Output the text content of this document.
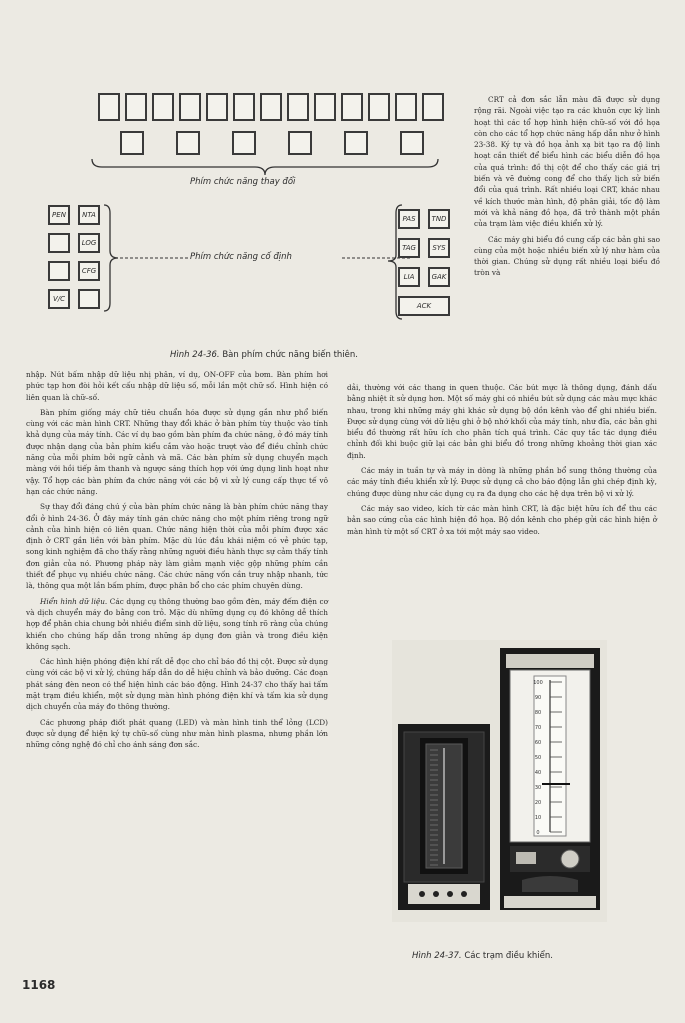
Phím chức năng thay đổi
PEN	NTA
LOG
CFG
V/C
Phím chức năng cố định
PAS	TND
TAG	SYS
LIA	GAK
ACK
Hình 24-36. Bàn phím chức năng biến thiên.

CRT cả đơn sắc lẫn màu đã được sử dụng rộng rãi. Ngoài việc tạo ra các khuôn cực kỳ linh hoạt thì các tổ hợp hình hiện chữ–số với đồ họa còn cho các tổ hợp chức năng hấp dẫn như ở hình 23-38. Ký tự và đồ họa ảnh xạ bit tạo ra độ linh hoạt cần thiết để biểu hình các biểu diễn đồ họa của quá trình: đồ thị cột để cho thấy các giá trị biến và vẽ đường cong để cho thấy lịch sử biến đổi của quá trình. Rất nhiều loại CRT, khác nhau về kích thước màn hình, độ phân giải, tốc độ làm mới và khả năng đồ họa, đã trở thành một phần của trạm làm việc điều khiển xử lý.

Các máy ghi biểu đồ cung cấp các bản ghi sao cùng của một hoặc nhiều biến xử lý như hàm của thời gian. Chúng sử dụng rất nhiều loại biểu đồ tròn và

nhập. Nút bấm nhập dữ liệu nhị phân, ví dụ, ON-OFF của bơm. Bàn phím hơi phức tạp hơn đòi hỏi kết cấu nhập dữ liệu số, mỗi lần một chữ số. Hình hiện có liên quan là chữ–số.

Bàn phím giống máy chữ tiêu chuẩn hóa được sử dụng gắn như phổ biến cùng với các màn hình CRT. Những thay đổi khác ở bàn phím tùy thuộc vào tính khả dụng của máy tính. Các ví dụ bao gồm bàn phím đa chức năng, ở đó máy tính được nhận dạng của bản phím kiểu cắm vào hoặc trượt vào để điều chỉnh chức năng của mỗi phím bởi ngữ cảnh và mã. Các bàn phím sử dụng chuyển mạch màng với hồi tiếp âm thanh và ngược sáng thích hợp với ứng dụng linh hoạt như vậy. Tổ hợp các bàn phím đa chức năng với các bộ vi xử lý cung cấp thực tế vô hạn các chức năng.

Sự thay đổi đáng chú ý của bàn phím chức năng là bàn phím chức năng thay đổi ở hình 24-36. Ở đây máy tính gán chức năng cho một phím riêng trong ngữ cảnh của hình hiện có liên quan. Chức năng hiện thời của mỗi phím được xác định ở CRT gần liền với bàn phím. Mặc dù lúc đầu khái niệm có vẻ phức tạp, song kinh nghiệm đã cho thấy rằng những người điều hành thực sự cảm thấy tính đơn giản của nó. Phương pháp này làm giảm mạnh việc gộp những phím cần thiết để phục vụ nhiều chức năng. Các chức năng vốn cần truy nhập nhanh, tức là, thông qua một lần bấm phím, được phân bổ cho các phím chuyên dùng.

Hiển hình dữ liệu. Các dụng cụ thông thường bao gồm đèn, máy đếm điện cơ và dịch chuyển máy đo bằng con trỏ. Mặc dù những dụng cụ đó không dễ thích hợp để phân chia chung bởi nhiều điểm sinh dữ liệu, song tính rõ ràng của chúng khiến cho chúng hấp dẫn trong những áp dụng đơn giản và trong điều kiện không sạch.

Các hình hiện phóng điện khí rất dễ đọc cho chỉ báo đồ thị cột. Được sử dụng cùng với các bộ vi xử lý, chúng hấp dẫn do dễ hiệu chỉnh và bảo dưỡng. Các đoạn phát sáng đèn neon có thể hiện hình các báo động. Hình 24-37 cho thấy hai tấm mặt trạm điều khiển, một sử dụng màn hình phóng điện khí và tấm kia sử dụng dịch chuyển của máy đo thông thường.

Các phương pháp điốt phát quang (LED) và màn hình tinh thể lỏng (LCD) được sử dụng để hiện ký tự chữ–số cùng như màn hình plasma, nhưng phần lớn những công nghệ đó chỉ cho ánh sáng đơn sắc.

dải, thường với các thang in quen thuộc. Các bút mực là thông dụng, đánh dấu bằng nhiệt ít sử dụng hơn. Một số máy ghi có nhiều bút sử dụng các màu mực khác nhau, trong khi những máy ghi khác sử dụng bộ dồn kênh vào để ghi nhiều biến. Được sử dụng cùng với dữ liệu ghi ở bộ nhớ khối của máy tính, như đĩa, các bản ghi biểu đồ thường rất hữu ích cho phân tích quá trình. Các quy tắc tác dụng điều chỉnh đối khi buộc giữ lại các bản ghi biểu đồ trong những khoảng thời gian xác định.

Các máy in tuần tự và máy in dòng là những phần bổ sung thông thường của các máy tính điều khiển xử lý. Được sử dụng cả cho báo động lẫn ghi chép định kỳ, chúng được dùng như các dụng cụ ra đa dụng cho các hệ dựa trên bộ vi xử lý.

Các máy sao video, kích từ các màn hình CRT, là đặc biệt hữu ích để thu các bản sao cứng của các hình hiện đồ họa. Bộ dồn kênh cho phép gửi các hình hiện ở màn hình từ một số CRT ở xa tới một máy sao video.

100
90
80
70
60
50
40
30
20
10
0
Hình 24-37. Các trạm điều khiển.
1168
